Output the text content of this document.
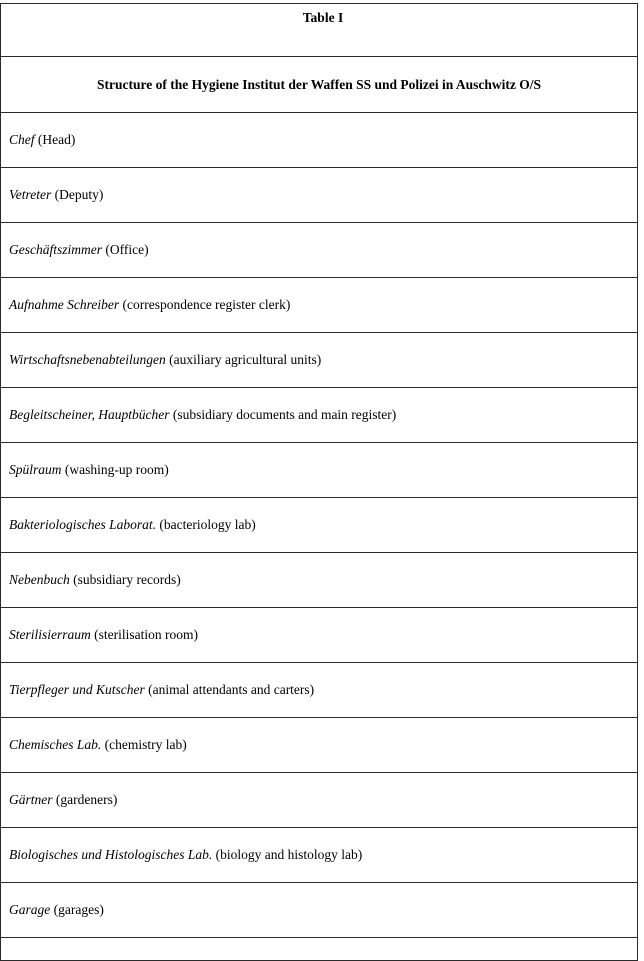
Table I
Structure of the Hygiene Institut der Waffen SS und Polizei in Auschwitz O/S
Chef (Head)
Vetreter (Deputy)
Geschäftszimmer (Office)
Aufnahme Schreiber (correspondence register clerk)
Wirtschaftsnebenabteilungen (auxiliary agricultural units)
Begleitscheiner, Hauptbücher (subsidiary documents and main register)
Spülraum (washing-up room)
Bakteriologisches Laborat. (bacteriology lab)
Nebenbuch (subsidiary records)
Sterilisierraum (sterilisation room)
Tierpfleger und Kutscher (animal attendants and carters)
Chemisches Lab. (chemistry lab)
Gärtner (gardeners)
Biologisches und Histologisches Lab. (biology and histology lab)
Garage (garages)
